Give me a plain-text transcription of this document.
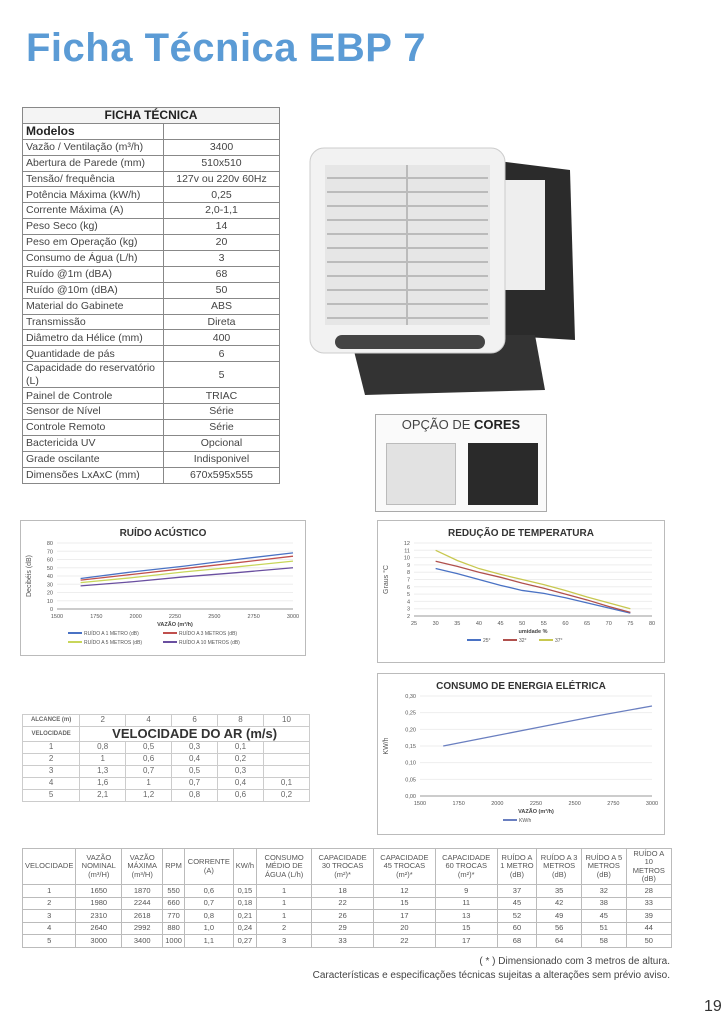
Ficha Técnica EBP 7
FICHA TÉCNICA	
Modelos	
Vazão / Ventilação (m³/h)	3400
Abertura de Parede (mm)	510x510
Tensão/ frequência	127v ou 220v 60Hz
Potência Máxima (kW/h)	0,25
Corrente Máxima (A)	2,0-1,1
Peso Seco (kg)	14
Peso em Operação (kg)	20
Consumo de Água (L/h)	3
Ruído @1m (dBA)	68
Ruído @10m (dBA)	50
Material do Gabinete	ABS
Transmissão	Direta
Diâmetro da Hélice (mm)	400
Quantidade de pás	6
Capacidade do reservatório (L)	5
Painel de Controle	TRIAC
Sensor de Nível	Série
Controle Remoto	Série
Bactericida UV	Opcional
Grade oscilante	Indisponivel
Dimensões LxAxC (mm)	670x595x555
OPÇÃO DE CORES
RUÍDO ACÚSTICO
0
10
20
30
40
50
60
70
80
1500	1750	2000	2250	2500	2750	3000
VAZÃO (m³/h)
Decibéis (dB)
RUÍDO A 1 METRO (dB)	RUÍDO A 3 METROS (dB)
RUÍDO A 5 METROS (dB)	RUÍDO A 10 METROS (dB)
REDUÇÃO DE TEMPERATURA
2
3
4
5
6
7
8
9
10
11
12
25	30	35	40	45	50	55	60	65	70	75	80
umidade %
Graus °C
25°	32°	37°
CONSUMO DE ENERGIA ELÉTRICA
0,00
0,05
0,10
0,15
0,20
0,25
0,30
1500	1750	2000	2250	2500	2750	3000
VAZÃO (m³/h)
KW/h
KW/h
ALCANCE (m)	2	4	6	8	10
VELOCIDADE	VELOCIDADE DO AR (m/s)				
1	0,8	0,5	0,3	0,1	
2	1	0,6	0,4	0,2	
3	1,3	0,7	0,5	0,3	
4	1,6	1	0,7	0,4	0,1
5	2,1	1,2	0,8	0,6	0,2
VELOCIDADE	VAZÃO NOMINAL (m³/H)	VAZÃO MÁXIMA (m³/H)	RPM	CORRENTE (A)	KW/h	CONSUMO MÉDIO DE ÁGUA (L/h)	CAPACIDADE 30 TROCAS (m²)*	CAPACIDADE 45 TROCAS (m²)*	CAPACIDADE 60 TROCAS (m²)*	RUÍDO A 1 METRO (dB)	RUÍDO A 3 METROS (dB)	RUÍDO A 5 METROS (dB)	RUÍDO A 10 METROS (dB)
1	1650	1870	550	0,6	0,15	1	18	12	9	37	35	32	28
2	1980	2244	660	0,7	0,18	1	22	15	11	45	42	38	33
3	2310	2618	770	0,8	0,21	1	26	17	13	52	49	45	39
4	2640	2992	880	1,0	0,24	2	29	20	15	60	56	51	44
5	3000	3400	1000	1,1	0,27	3	33	22	17	68	64	58	50
( * ) Dimensionado com 3 metros de altura.
Características e especificações técnicas sujeitas a alterações sem prévio aviso.
19
